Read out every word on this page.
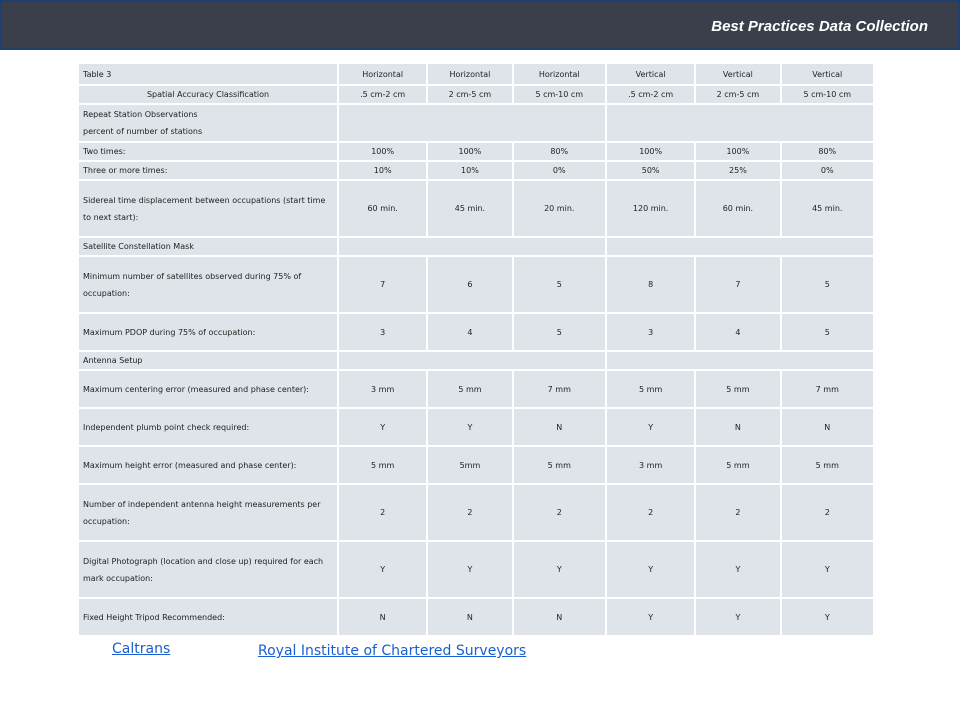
Best Practices Data Collection
Table 3	Horizontal	Horizontal	Horizontal	Vertical	Vertical	Vertical
Spatial Accuracy Classification	.5 cm-2 cm	2 cm-5 cm	5 cm-10 cm	.5 cm-2 cm	2 cm-5 cm	5 cm-10 cm

Repeat Station Observations
percent of number of stations						

Two times:	100%	100%	80%	100%	100%	80%
Three or more times:	10%	10%	0%	50%	25%	0%
Sidereal time displacement between occupations (start time to next start):	60 min.	45 min.	20 min.	120 min.	60 min.	45 min.
Satellite Constellation Mask						
Minimum number of satellites observed during 75% of occupation:	7	6	5	8	7	5
Maximum PDOP during 75% of occupation:	3	4	5	3	4	5
Antenna Setup						
Maximum centering error (measured and phase center):	3 mm	5 mm	7 mm	5 mm	5 mm	7 mm
Independent plumb point check required:	Y	Y	N	Y	N	N
Maximum height error (measured and phase center):	5 mm	5mm	5 mm	3 mm	5 mm	5 mm
Number of independent antenna height measurements per occupation:	2	2	2	2	2	2
Digital Photograph (location and close up) required for each mark occupation:	Y	Y	Y	Y	Y	Y
Fixed Height Tripod Recommended:	N	N	N	Y	Y	Y
Caltrans	Royal Institute of Chartered Surveyors
